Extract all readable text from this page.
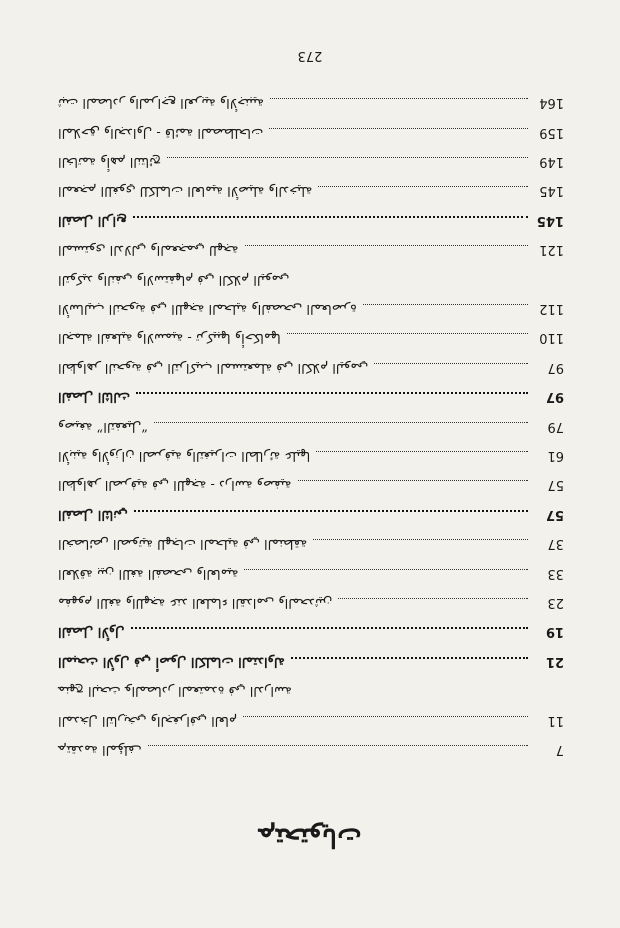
ﻢﺘﺤﺘﻮﻳﺎﺕ
7
ﻢﺘﻘﺪﻣﺔ ﺍﻟﻤﺆﻠﻒ
11
ﺍﻟﻤﺪﺨﻝ ﺍﻟﺘﺎﺭﻳﺨﻲ ﻭﺍﻟﺠﻐﺮﺍﻓﻲ ﺍﻟﻌﺎﻡ
ﻤﻨﻬﺞ ﺍﻟﺒﺤﺚ ﻮﺍﻟﻤﺼﺎﺩﺭ ﺍﻟﻤﻌﺘﻤﺪﺓ ﻓﻲ ﺍﻟﺪﺭﺍﺳﺔ
21
ﺍﻟﻤﺒﺤﺚ ﺍﻷﻭﻝ ﻓﻲ ﺃﺻﻮﻝ ﺍﻟﻜﻠﻤﺎﺕ ﺍﻟﻤﺘﺪﺍﻭﻟﺔ
19
ﺍﻟﻔﺼﻞ ﺍﻷﻭﻝ
23
ﻣﻔﻬﻮﻡ ﺍﻟﻠﻐﺔ ﻭﺍﻟﻠﻬﺠﺔ ﻋﻨﺪ ﺍﻟﻌﻠﻤﺎﺀ ﺍﻟﻘﺪﺍﻣﻰ ﻭﺍﻟﻤﺤﺪﺛﻴﻦ
33
ﺍﻟﻌﻼﻗﺔ ﺑﻴﻦ ﺍﻟﻠﻐﺔ ﺍﻟﻔﺼﺤﻰ ﻭﺍﻟﻌﺎﻣﻴﺔ
37
ﺍﻟﺨﺼﺎﺋﺺ ﺍﻟﺼﻮﺗﻴﺔ ﻟﻠﻬﺠﺎﺕ ﺍﻟﻤﺤﻠﻴﺔ ﻓﻲ ﺍﻟﻤﻨﻄﻘﺔ
57
ﺍﻟﻔﺼﻞ ﺍﻟﺜﺎﻧﻲ
57
ﺍﻟﻈﻮﺍﻫﺮ ﺍﻟﺼﺮﻓﻴﺔ ﻓﻲ ﺍﻟﻠﻬﺠﺔ - ﺩﺭﺍﺳﺔ ﻭﺻﻔﻴﺔ
61
ﺍﻷﺑﻨﻴﺔ ﻭﺍﻷﻭﺯﺍﻥ ﺍﻟﺼﺮﻓﻴﺔ ﻭﺍﻟﺘﻐﻴﺮﺍﺕ ﺍﻟﻄﺎﺭﺋﺔ ﻋﻠﻴﻬﺎ
79
ﻭﺻﻴﻐﺔ ”ﺍﻟﺘﻔﻌﻴﻞ“
97
ﺍﻟﻔﺼﻞ ﺍﻟﺜﺎﻟﺚ
97
ﺍﻟﻈﻮﺍﻫﺮ ﺍﻟﻨﺤﻮﻳﺔ ﻓﻲ ﺍﻟﺘﺮﺍﻛﻴﺐ ﺍﻟﻤﺴﺘﻌﻤﻠﺔ ﻓﻲ ﺍﻟﻜﻼﻡ ﺍﻟﻴﻮﻣﻲ
110
ﺍﻟﺠﻤﻠﺔ ﺍﻟﻔﻌﻠﻴﺔ ﻭﺍﻻﺳﻤﻴﺔ - ﺗﺮﻛﻴﺒﻬﺎ ﻭﺃﺣﻜﺎﻣﻬﺎ
112
ﺍﻷﺳﺎﻟﻴﺐ ﺍﻟﻨﺤﻮﻳﺔ ﻓﻲ ﺍﻟﻠﻬﺠﺔ ﺍﻟﻤﺤﻠﻴﺔ ﻭﺍﻟﻔﺼﺤﻰ ﺍﻟﻤﻌﺎﺻﺮﺓ
ﺍﻟﺘﻮﻛﻴﺪ ﻭﺍﻟﻨﻔﻲ ﻭﺍﻻﺳﺘﻔﻬﺎﻡ ﻓﻲ ﺍﻟﻜﻼﻡ ﺍﻟﻴﻮﻣﻲ
121
ﺍﻟﻤﺴﺘﻮﻯ ﺍﻟﺪﻻﻟﻲ ﻭﺍﻟﻤﻌﺠﻤﻲ ﻟﻠﻬﺠﺔ
145
ﺍﻟﻔﺼﻞ ﺍﻟﺮﺍﺑﻊ
145
ﺍﻟﻤﻌﺠﻢ ﺍﻟﻠﻐﻮﻱ ﻟﻠﻜﻠﻤﺎﺕ ﺍﻟﻌﺎﻣﻴﺔ ﺍﻷﺻﻴﻠﺔ ﻭﺍﻟﺪﺧﻴﻠﺔ
149
ﺍﻟﺨﺎﺗﻤﺔ ﻭﺃﻫﻢ ﺍﻟﻨﺘﺎﺋﺞ
159
ﺍﻟﻤﻼﺣﻖ ﻭﺍﻟﺠﺪﺍﻭﻝ - ﻗﺎﺋﻤﺔ ﺍﻟﻤﺼﻄﻠﺤﺎﺕ
164
ﺛﺒﺖ ﺍﻟﻤﺼﺎﺩﺭ ﻭﺍﻟﻤﺮﺍﺟﻊ ﺍﻟﻌﺮﺑﻴﺔ ﻭﺍﻷﺟﻨﺒﻴﺔ
273
